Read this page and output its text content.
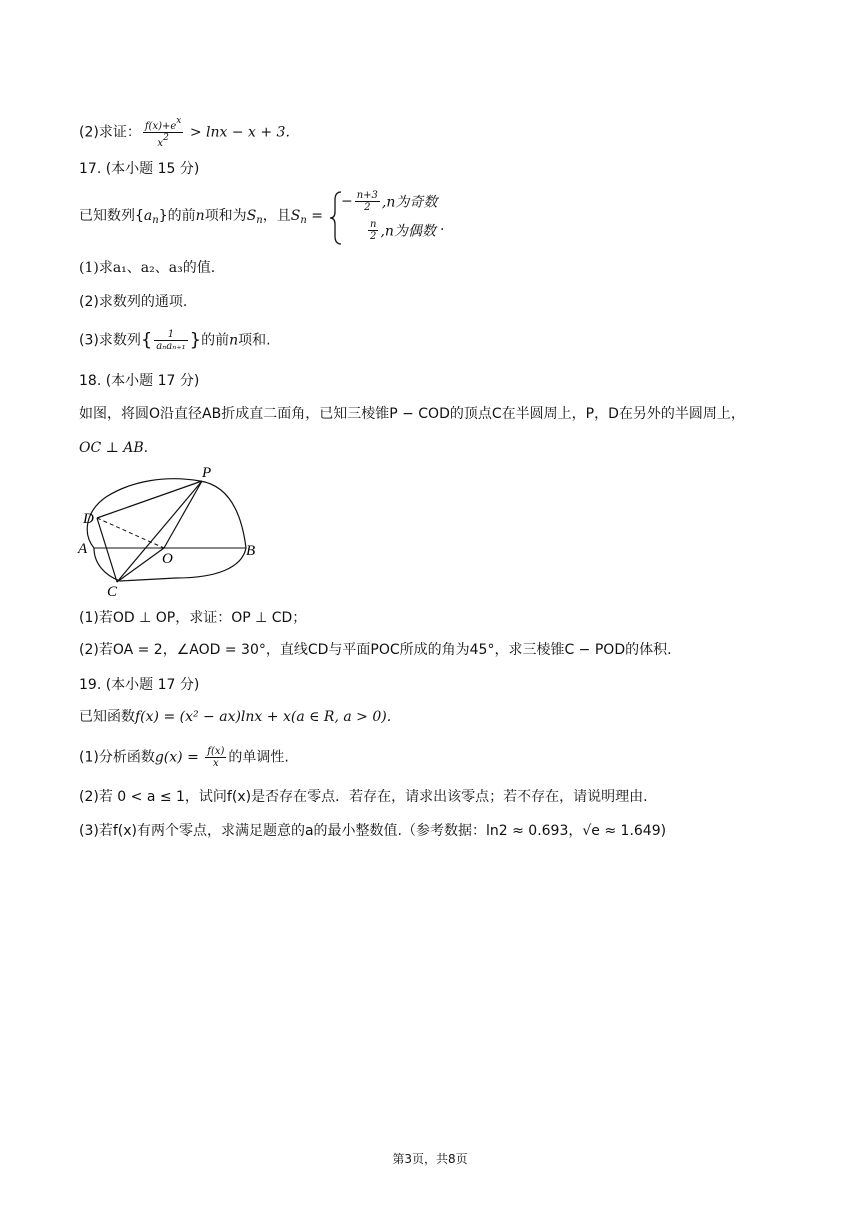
(2)求证： $\frac{f(x)+ex}{x2} > \ln x - x + 3$.
17. (本小题 15 分)
已知数列$\{a_n\}$的前n项和为$S_n$，且$S_n$ =
− $\frac{n+3}{2} ,n$为奇数
$\frac{n}{2} ,n$为偶数 .
(1)求a₁、a₂、a₃的值.
(2)求数列的通项.
(3)求数列{ $\frac{1}{\text{aₙaₙ₊₁}}$ }的前n项和.
18. (本小题 17 分)
如图，将圆O沿直径AB折成直二面角，已知三棱锥P − COD的顶点C在半圆周上，P，D在另外的半圆周上，
OC ⊥ AB.
P
D
A
O	B
C
(1)若OD ⊥ OP，求证：OP ⊥ CD；
(2)若OA = 2，∠AOD = 30°，直线CD与平面POC所成的角为45°，求三棱锥C − POD的体积.
19. (本小题 17 分)
已知函数f(x) = (x² − ax)lnx + x(a ∈ R, a > 0).
(1)分析函数$g(x) = \frac{f(x)}{x}$ 的单调性.
(2)若 0 < a ≤ 1，试问f(x)是否存在零点．若存在，请求出该零点；若不存在，请说明理由.
(3)若f(x)有两个零点，求满足题意的a的最小整数值.（参考数据：ln2 ≈ 0.693，√e ≈ 1.649)
第3页，共8页
